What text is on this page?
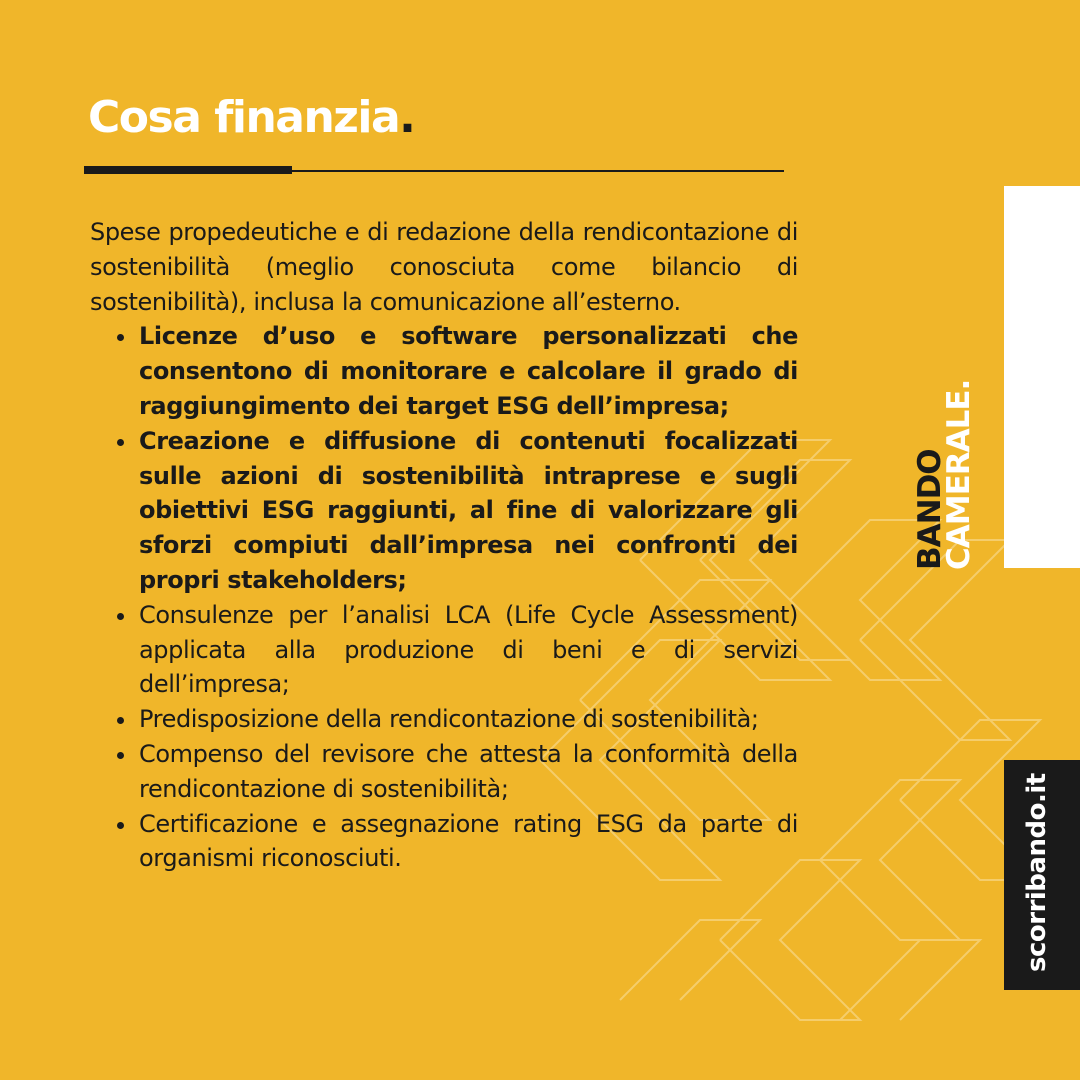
Cosa finanzia.

Spese propedeutiche e di redazione della rendicontazione di sostenibilità (meglio conosciuta come bilancio di sostenibilità), inclusa la comunicazione all’esterno.

Licenze d’uso e software personalizzati che consentono di monitorare e calcolare il grado di raggiungimento dei target ESG dell’impresa;
Creazione e diffusione di contenuti focalizzati sulle azioni di sostenibilità intraprese e sugli obiettivi ESG raggiunti, al fine di valorizzare gli sforzi compiuti dall’impresa nei confronti dei propri stakeholders;
Consulenze per l’analisi LCA (Life Cycle Assessment) applicata alla produzione di beni e di servizi dell’impresa;
Predisposizione della rendicontazione di sostenibilità;
Compenso del revisore che attesta la conformità della rendicontazione di sostenibilità;
Certificazione e assegnazione rating ESG da parte di organismi riconosciuti.
BANDO
CAMERALE.
scorribando.it
